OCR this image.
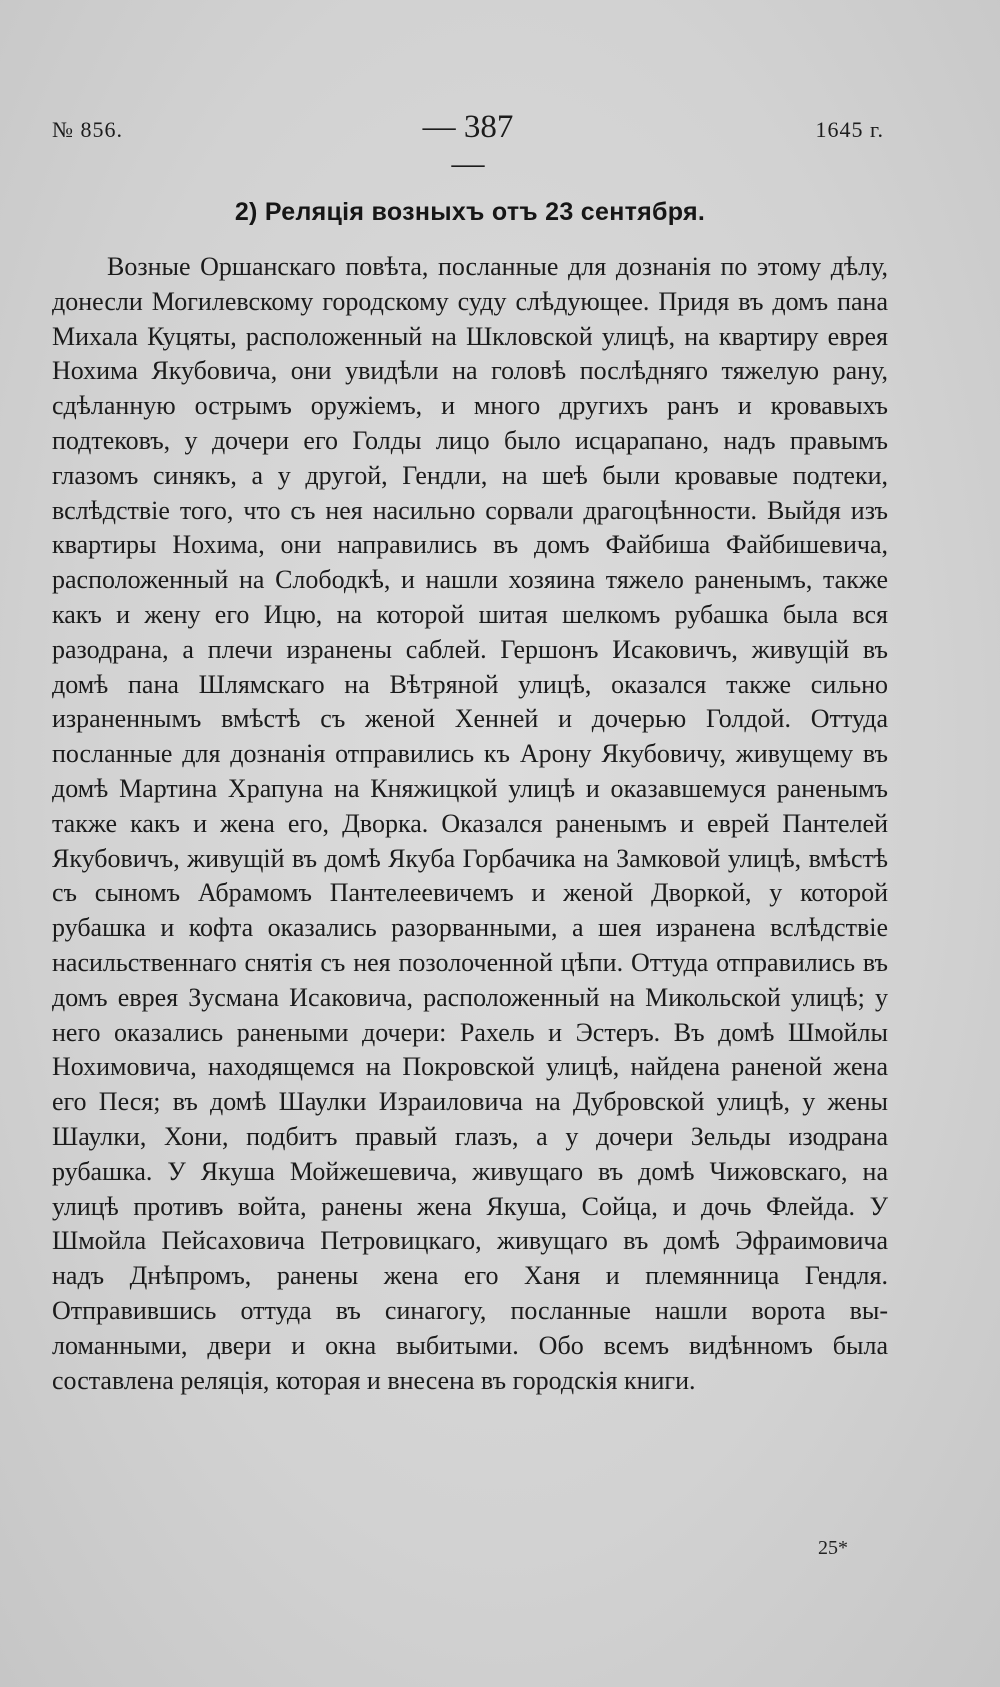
№ 856.	— 387 —
1645 г.
2) Реляція возныхъ отъ 23 сентября.

Возные Оршанскаго повѣта, посланные для дознанія по этому дѣлу, донесли Могилевскому городскому суду слѣдующее. Придя въ домъ пана Михала Куцяты, расположенный на Шкловской улицѣ, на квартиру еврея Нохима Якубовича, они увидѣли на головѣ послѣдняго тяжелую рану, сдѣланную острымъ оружіемъ, и много другихъ ранъ и кровавыхъ подтековъ, у дочери его Голды лицо было исцарапано, надъ правымъ глазомъ синякъ, а у другой, Гендли, на шеѣ были кровавые подтеки, вслѣдствіе того, что съ нея насильно сорвали драгоцѣнности. Выйдя изъ квартиры Нохима, они направились въ домъ Файбиша Файбишевича, расположенный на Слободкѣ, и нашли хозяина тяжело раненымъ, также какъ и жену его Ицю, на которой шитая шелкомъ рубашка была вся разодрана, а плечи изранены саблей. Гершонъ Исаковичъ, живущій въ домѣ пана Шлямскаго на Вѣтряной улицѣ, оказался также сильно израненнымъ вмѣстѣ съ женой Хенней и дочерью Голдой. Оттуда посланные для дознанія отправились къ Арону Якубовичу, живущему въ домѣ Мартина Храпуна на Княжицкой улицѣ и оказавшемуся раненымъ также какъ и жена его, Дворка. Оказался раненымъ и еврей Пантелей Якубовичъ, живущій въ домѣ Якуба Горбачика на Замковой улицѣ, вмѣстѣ съ сыномъ Абрамомъ Пантелеевичемъ и женой Дворкой, у которой рубашка и кофта оказались разорванными, а шея изранена вслѣдствіе насильственнаго снятія съ нея позолоченной цѣпи. Оттуда отправились въ домъ еврея Зусмана Исаковича, расположенный на Микольской улицѣ; у него оказались ранеными дочери: Рахель и Эстеръ. Въ домѣ Шмойлы Нохимовича, находящемся на Покровской улицѣ, найдена раненой жена его Песя; въ домѣ Шаулки Израиловича на Дубровской улицѣ, у жены Шаулки, Хони, подбитъ правый глазъ, а у дочери Зельды изодрана рубашка. У Якуша Мойжешевича, живущаго въ домѣ Чижовскаго, на улицѣ противъ войта, ранены жена Якуша, Сойца, и дочь Флейда. У Шмойла Пейсаховича Петровицкаго, живущаго въ домѣ Эфраимовича надъ Днѣпромъ, ранены жена его Ханя и племянница Гендля. Отправившись оттуда въ синагогу, посланные нашли ворота выломанными, двери и окна выбитыми. Обо всемъ видѣнномъ была составлена реляція, которая и внесена въ городскія книги.

25*
